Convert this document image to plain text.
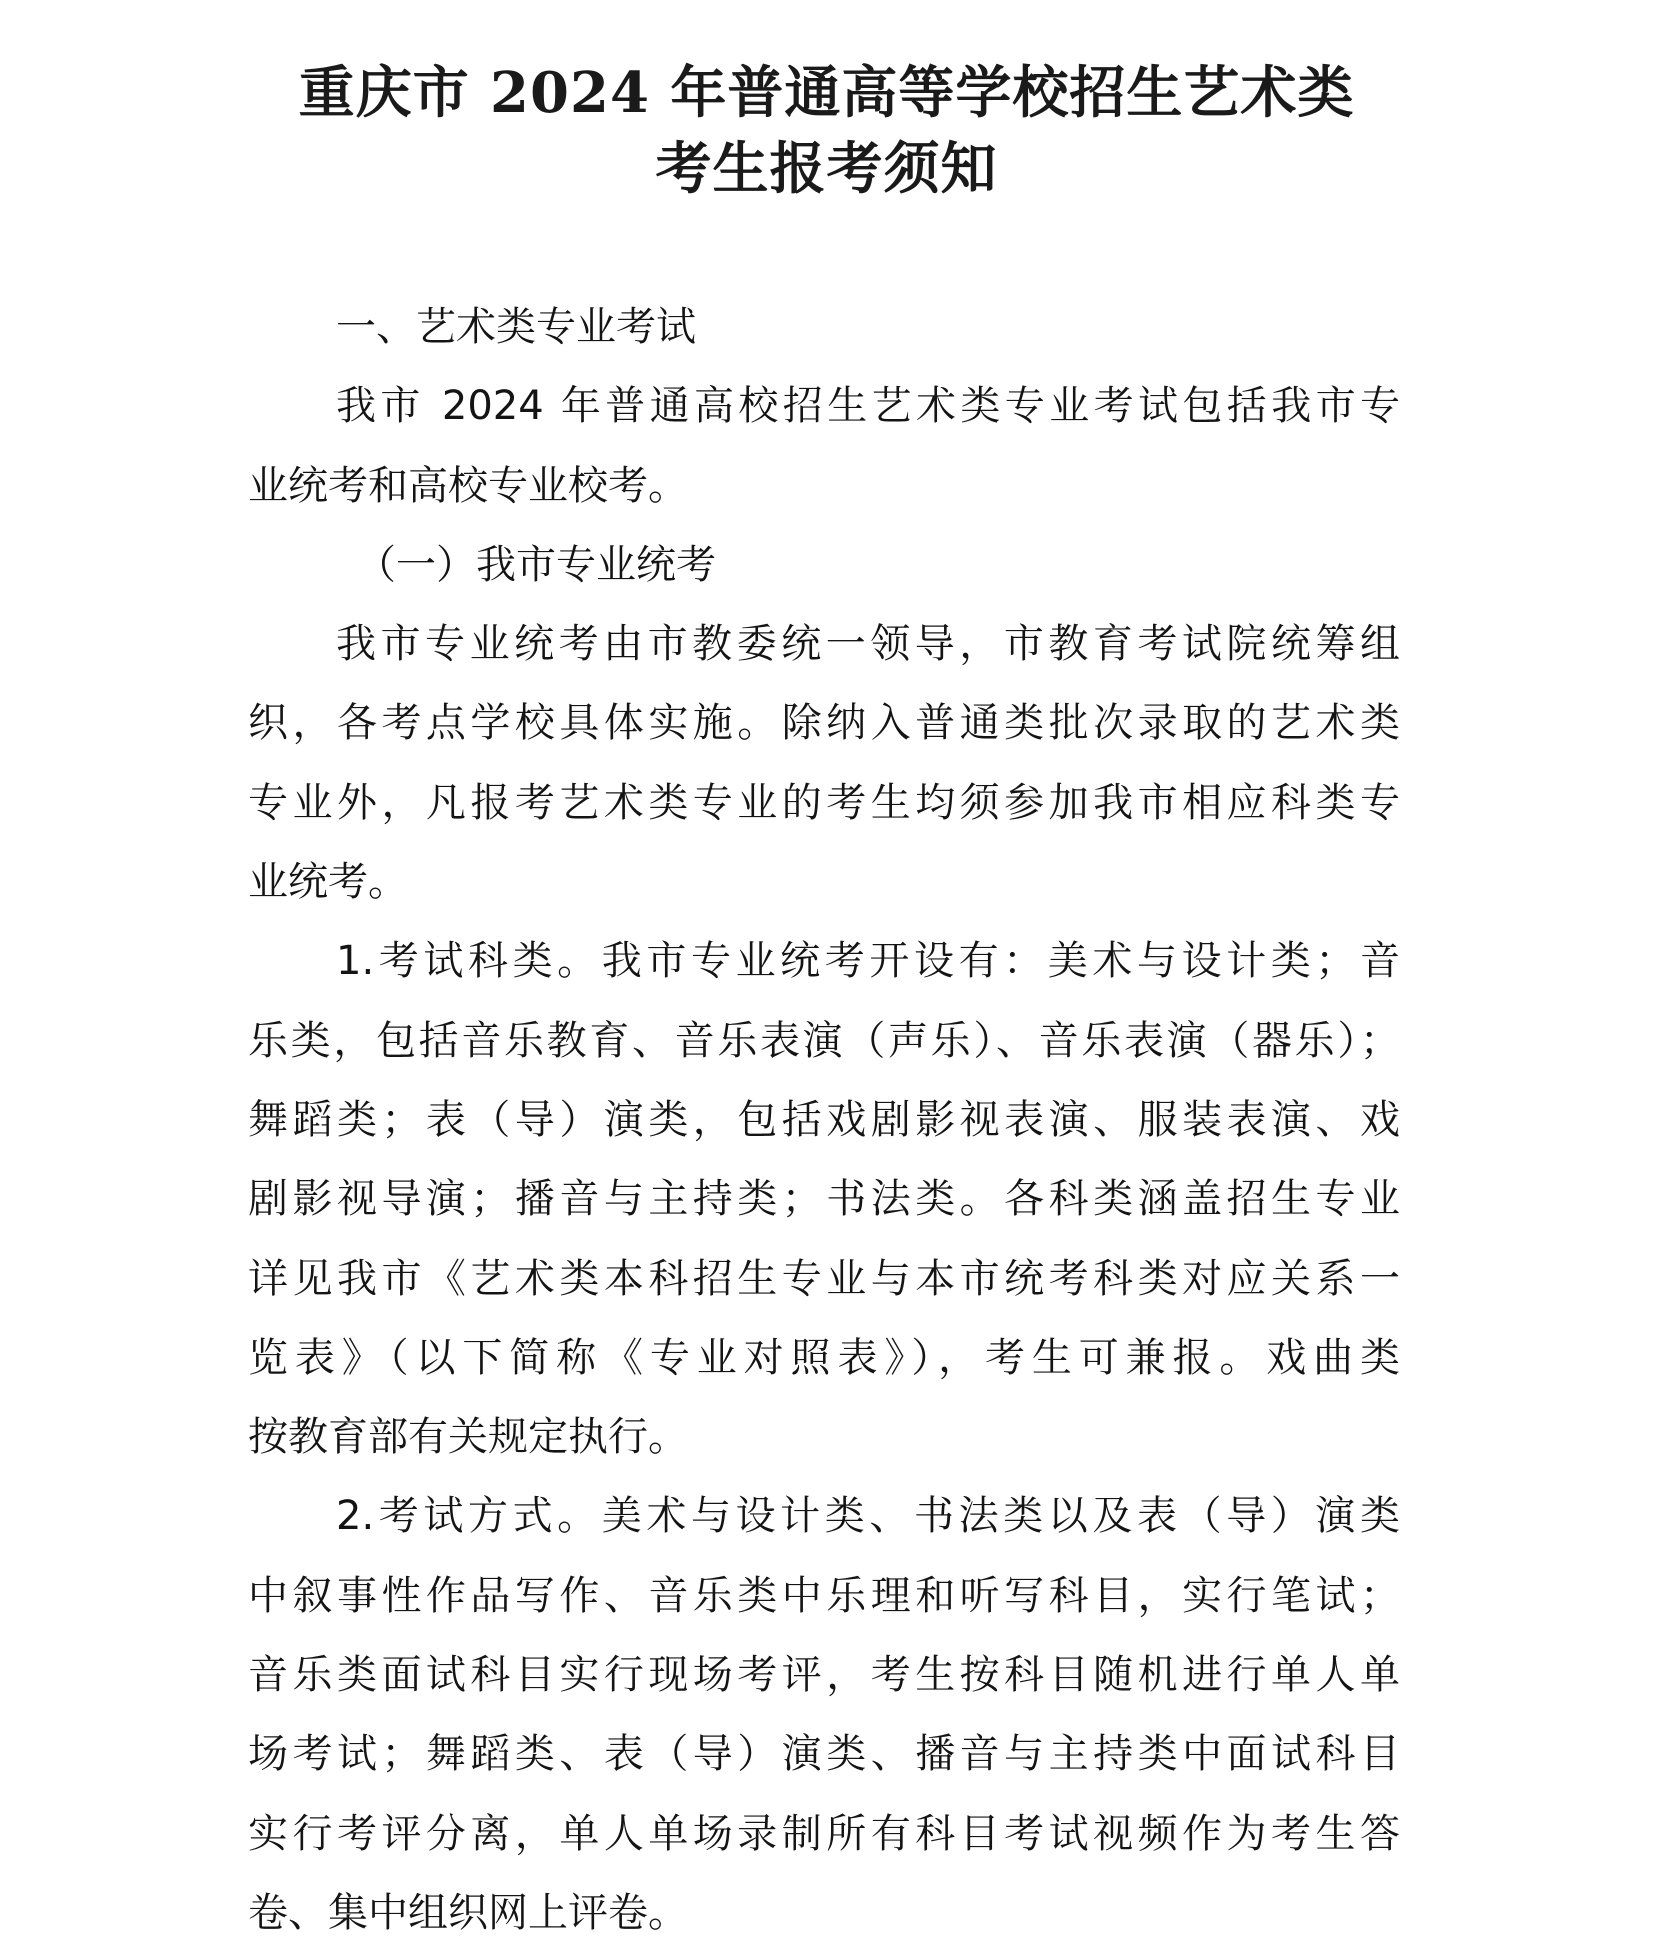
重庆市 2024 年普通高等学校招生艺术类
考生报考须知
一、艺术类专业考试
我市 2024 年普通高校招生艺术类专业考试包括我市专
业统考和高校专业校考。
（一）我市专业统考
我市专业统考由市教委统一领导，市教育考试院统筹组
织，各考点学校具体实施。除纳入普通类批次录取的艺术类
专业外，凡报考艺术类专业的考生均须参加我市相应科类专
业统考。
1.考试科类。我市专业统考开设有：美术与设计类；音
乐类，包括音乐教育、音乐表演（声乐）、音乐表演（器乐）；
舞蹈类；表（导）演类，包括戏剧影视表演、服装表演、戏
剧影视导演；播音与主持类；书法类。各科类涵盖招生专业
详见我市《艺术类本科招生专业与本市统考科类对应关系一
览表》（以下简称《专业对照表》），考生可兼报。戏曲类
按教育部有关规定执行。
2.考试方式。美术与设计类、书法类以及表（导）演类
中叙事性作品写作、音乐类中乐理和听写科目，实行笔试；
音乐类面试科目实行现场考评，考生按科目随机进行单人单
场考试；舞蹈类、表（导）演类、播音与主持类中面试科目
实行考评分离，单人单场录制所有科目考试视频作为考生答
卷、集中组织网上评卷。
